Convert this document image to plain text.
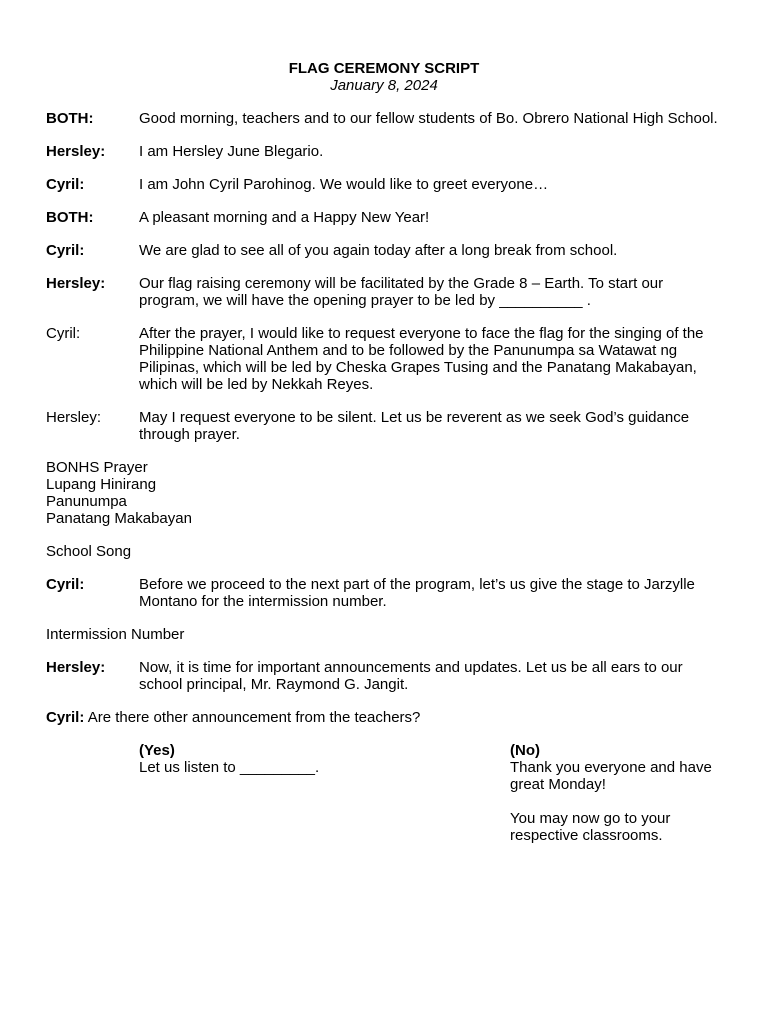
FLAG CEREMONY SCRIPT
January 8, 2024
BOTH:	Good morning, teachers and to our fellow students of Bo. Obrero National High School.
Hersley:	I am Hersley June Blegario.
Cyril:	I am John Cyril Parohinog. We would like to greet everyone…
BOTH:	A pleasant morning and a Happy New Year!
Cyril:	We are glad to see all of you again today after a long break from school.
Hersley:	Our flag raising ceremony will be facilitated by the Grade 8 – Earth. To start our program, we will have the opening prayer to be led by __________ .
Cyril:	After the prayer, I would like to request everyone to face the flag for the singing of the Philippine National Anthem and to be followed by the Panunumpa sa Watawat ng Pilipinas, which will be led by Cheska Grapes Tusing and the Panatang Makabayan, which will be led by Nekkah Reyes.
Hersley:	May I request everyone to be silent. Let us be reverent as we seek God’s guidance through prayer.
BONHS Prayer
Lupang Hinirang
Panunumpa
Panatang Makabayan
School Song
Cyril:	Before we proceed to the next part of the program, let’s us give the stage to Jarzylle Montano for the intermission number.
Intermission Number
Hersley:	Now, it is time for important announcements and updates. Let us be all ears to our school principal, Mr. Raymond G. Jangit.
Cyril: Are there other announcement from the teachers?
(Yes)
Let us listen to _________.
(No)
Thank you everyone and have great Monday!
You may now go to your respective classrooms.
